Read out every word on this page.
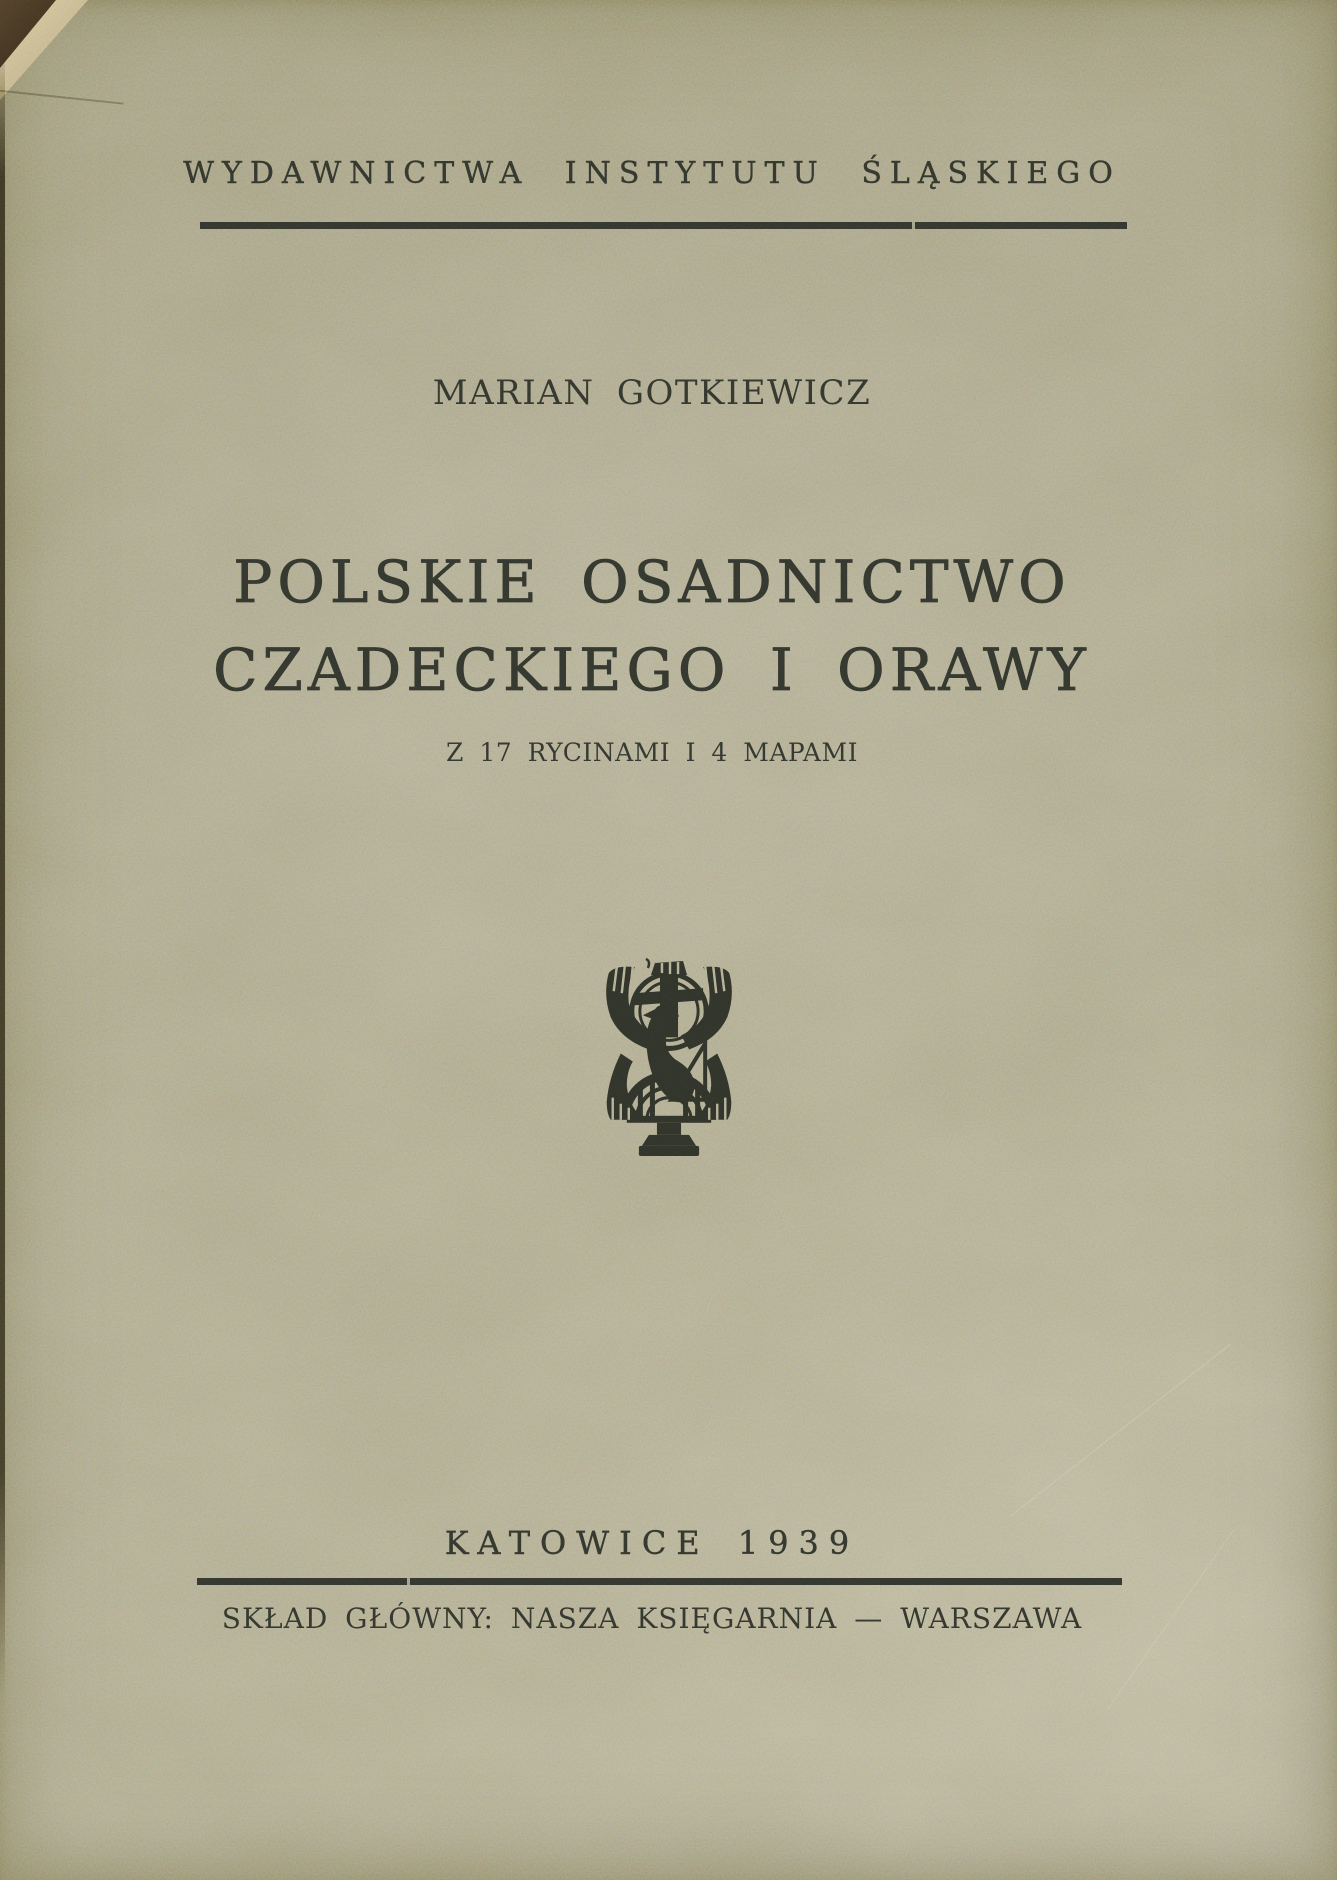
WYDAWNICTWA INSTYTUTU ŚLĄSKIEGO
MARIAN GOTKIEWICZ
POLSKIE OSADNICTWO
CZADECKIEGO I ORAWY
Z 17 RYCINAMI I 4 MAPAMI
KATOWICE 1939
SKŁAD GŁÓWNY: NASZA KSIĘGARNIA — WARSZAWA
